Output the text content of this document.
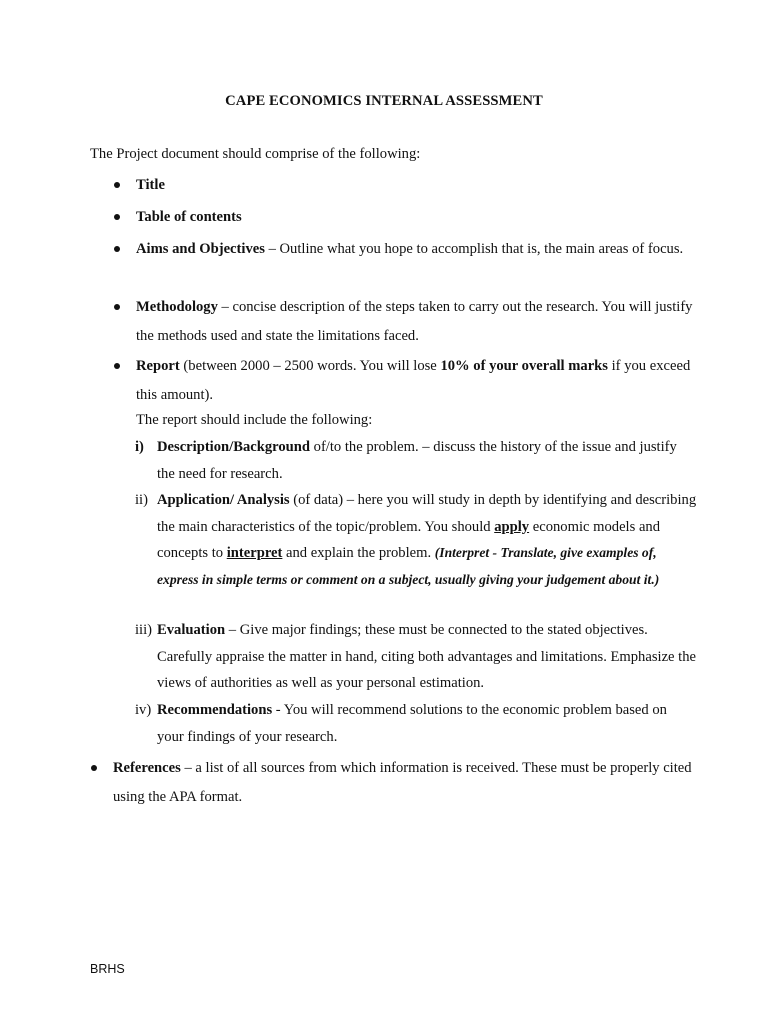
CAPE ECONOMICS INTERNAL ASSESSMENT
The Project document should comprise of the following:
Title
Table of contents
Aims and Objectives – Outline what you hope to accomplish that is, the main areas of focus.
Methodology – concise description of the steps taken to carry out the research. You will justify the methods used and state the limitations faced.
Report (between 2000 – 2500 words. You will lose 10% of your overall marks if you exceed this amount).
The report should include the following:
i) Description/Background of/to the problem. – discuss the history of the issue and justify the need for research.
ii) Application/ Analysis (of data) – here you will study in depth by identifying and describing the main characteristics of the topic/problem. You should apply economic models and concepts to interpret and explain the problem. (Interpret - Translate, give examples of, express in simple terms or comment on a subject, usually giving your judgement about it.)
iii) Evaluation – Give major findings; these must be connected to the stated objectives. Carefully appraise the matter in hand, citing both advantages and limitations. Emphasize the views of authorities as well as your personal estimation.
iv) Recommendations - You will recommend solutions to the economic problem based on your findings of your research.
References – a list of all sources from which information is received. These must be properly cited using the APA format.
BRHS
